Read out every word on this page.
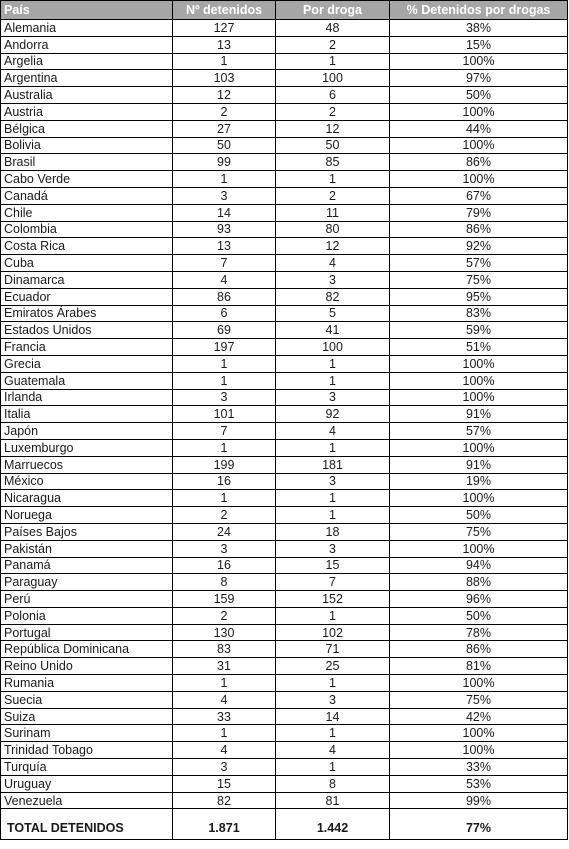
País	Nº detenidos	Por droga	% Detenidos por drogas
Alemania	127	48	38%
Andorra	13	2	15%
Argelia	1	1	100%
Argentina	103	100	97%
Australia	12	6	50%
Austria	2	2	100%
Bélgica	27	12	44%
Bolivia	50	50	100%
Brasil	99	85	86%
Cabo Verde	1	1	100%
Canadá	3	2	67%
Chile	14	11	79%
Colombia	93	80	86%
Costa Rica	13	12	92%
Cuba	7	4	57%
Dinamarca	4	3	75%
Ecuador	86	82	95%
Emiratos Árabes	6	5	83%
Estados Unidos	69	41	59%
Francia	197	100	51%
Grecia	1	1	100%
Guatemala	1	1	100%
Irlanda	3	3	100%
Italia	101	92	91%
Japón	7	4	57%
Luxemburgo	1	1	100%
Marruecos	199	181	91%
México	16	3	19%
Nicaragua	1	1	100%
Noruega	2	1	50%
Países Bajos	24	18	75%
Pakistán	3	3	100%
Panamá	16	15	94%
Paraguay	8	7	88%
Perú	159	152	96%
Polonia	2	1	50%
Portugal	130	102	78%
República Dominicana	83	71	86%
Reino Unido	31	25	81%
Rumania	1	1	100%
Suecia	4	3	75%
Suiza	33	14	42%
Surinam	1	1	100%
Trinidad Tobago	4	4	100%
Turquía	3	1	33%
Uruguay	15	8	53%
Venezuela	82	81	99%

TOTAL DETENIDOS	1.871	1.442	77%
